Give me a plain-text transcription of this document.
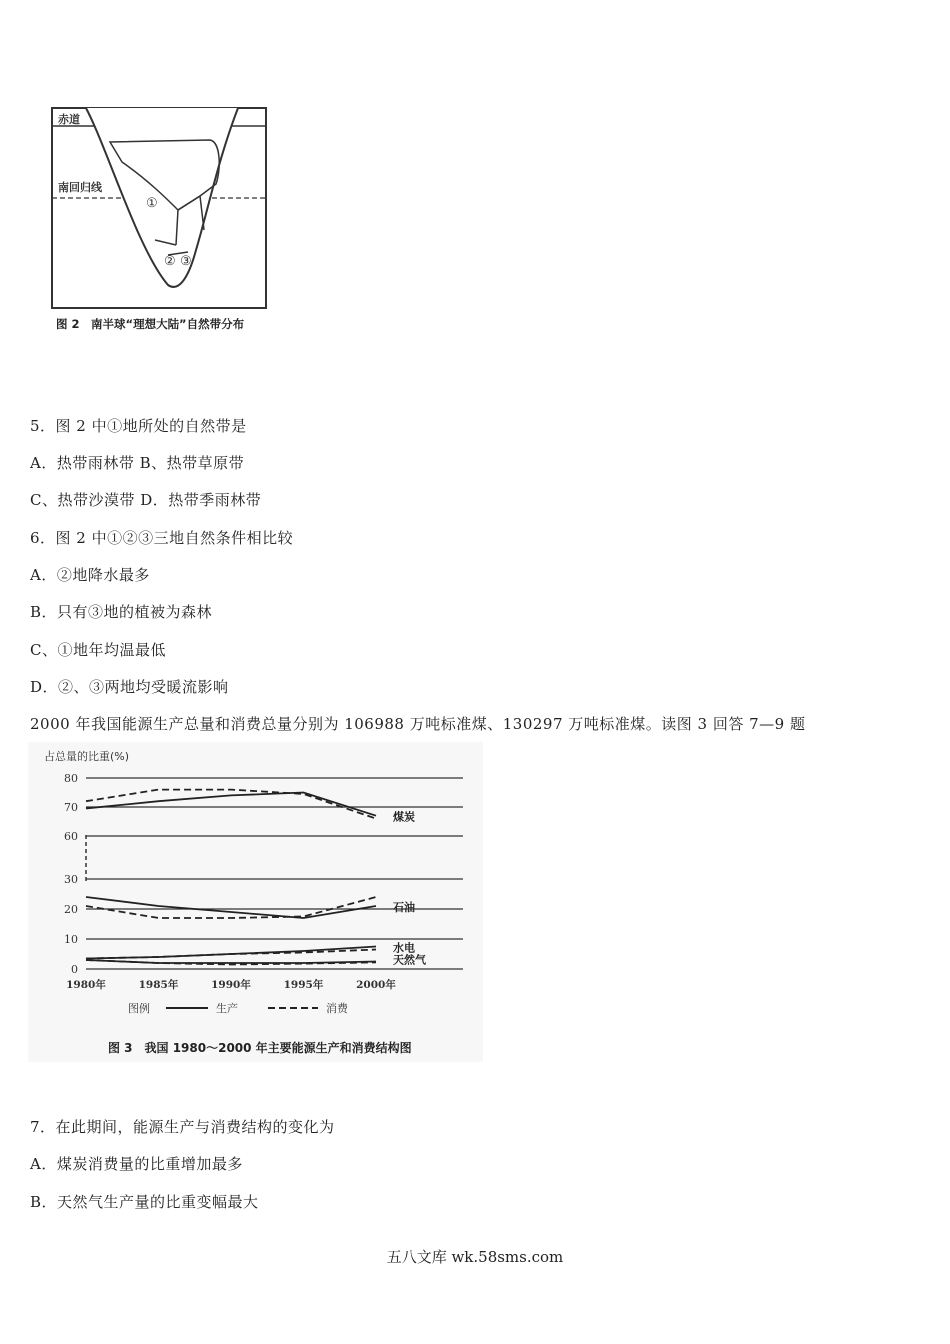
赤道
南回归线
①
② ③
图 2　南半球“理想大陆”自然带分布
5．图 2 中①地所处的自然带是
A．热带雨林带 B、热带草原带
C、热带沙漠带 D．热带季雨林带
6．图 2 中①②③三地自然条件相比较
A．②地降水最多
B．只有③地的植被为森林
C、①地年均温最低
D．②、③两地均受暖流影响
2000 年我国能源生产总量和消费总量分别为 106988 万吨标准煤、130297 万吨标准煤。读图 3 回答 7—9 题
占总量的比重(%)
80
70
60
30
20
10
0
1980年	1985年	1990年	1995年	2000年
煤炭
石油
水电
天然气
图例	生产	消费
图 3　我国 1980～2000 年主要能源生产和消费结构图
7．在此期间，能源生产与消费结构的变化为
A．煤炭消费量的比重增加最多
B．天然气生产量的比重变幅最大
五八文库 wk.58sms.com
